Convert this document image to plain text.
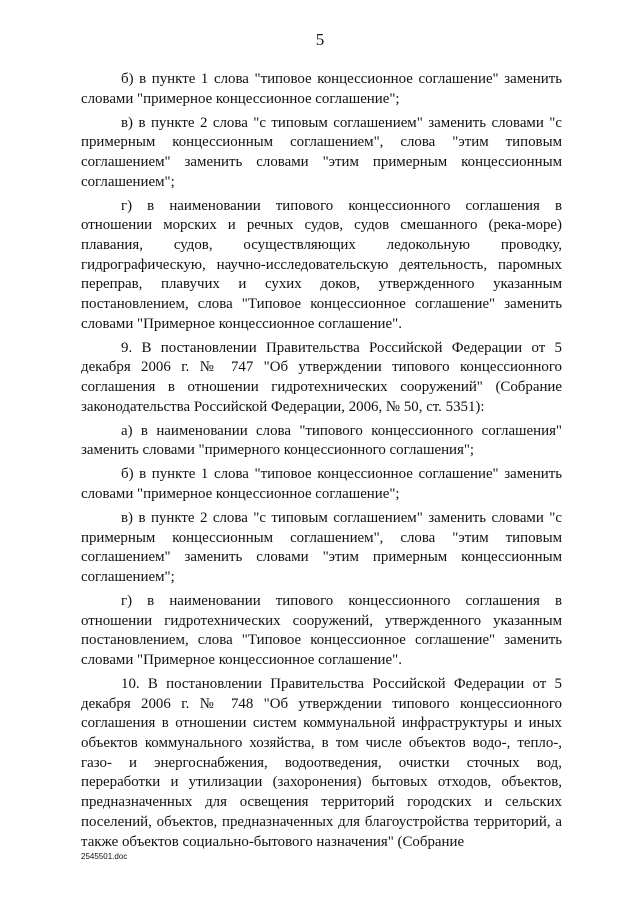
5

б) в пункте 1 слова "типовое концессионное соглашение" заменить словами "примерное концессионное соглашение";

в) в пункте 2 слова "с типовым соглашением" заменить словами "с примерным концессионным соглашением", слова "этим типовым соглашением" заменить словами "этим примерным концессионным соглашением";

г) в наименовании типового концессионного соглашения в отношении морских и речных судов, судов смешанного (река-море) плавания, судов, осуществляющих ледокольную проводку, гидрографическую, научно-исследовательскую деятельность, паромных переправ, плавучих и сухих доков, утвержденного указанным постановлением, слова "Типовое концессионное соглашение" заменить словами "Примерное концессионное соглашение".

9. В постановлении Правительства Российской Федерации от 5 декабря 2006 г. № 747 "Об утверждении типового концессионного соглашения в отношении гидротехнических сооружений" (Собрание законодательства Российской Федерации, 2006, № 50, ст. 5351):

а) в наименовании слова "типового концессионного соглашения" заменить словами "примерного концессионного соглашения";

б) в пункте 1 слова "типовое концессионное соглашение" заменить словами "примерное концессионное соглашение";

в) в пункте 2 слова "с типовым соглашением" заменить словами "с примерным концессионным соглашением", слова "этим типовым соглашением" заменить словами "этим примерным концессионным соглашением";

г) в наименовании типового концессионного соглашения в отношении гидротехнических сооружений, утвержденного указанным постановлением, слова "Типовое концессионное соглашение" заменить словами "Примерное концессионное соглашение".

10. В постановлении Правительства Российской Федерации от 5 декабря 2006 г. № 748 "Об утверждении типового концессионного соглашения в отношении систем коммунальной инфраструктуры и иных объектов коммунального хозяйства, в том числе объектов водо-, тепло-, газо- и энергоснабжения, водоотведения, очистки сточных вод, переработки и утилизации (захоронения) бытовых отходов, объектов, предназначенных для освещения территорий городских и сельских поселений, объектов, предназначенных для благоустройства территорий, а также объектов социально-бытового назначения" (Собрание

2545501.doc
